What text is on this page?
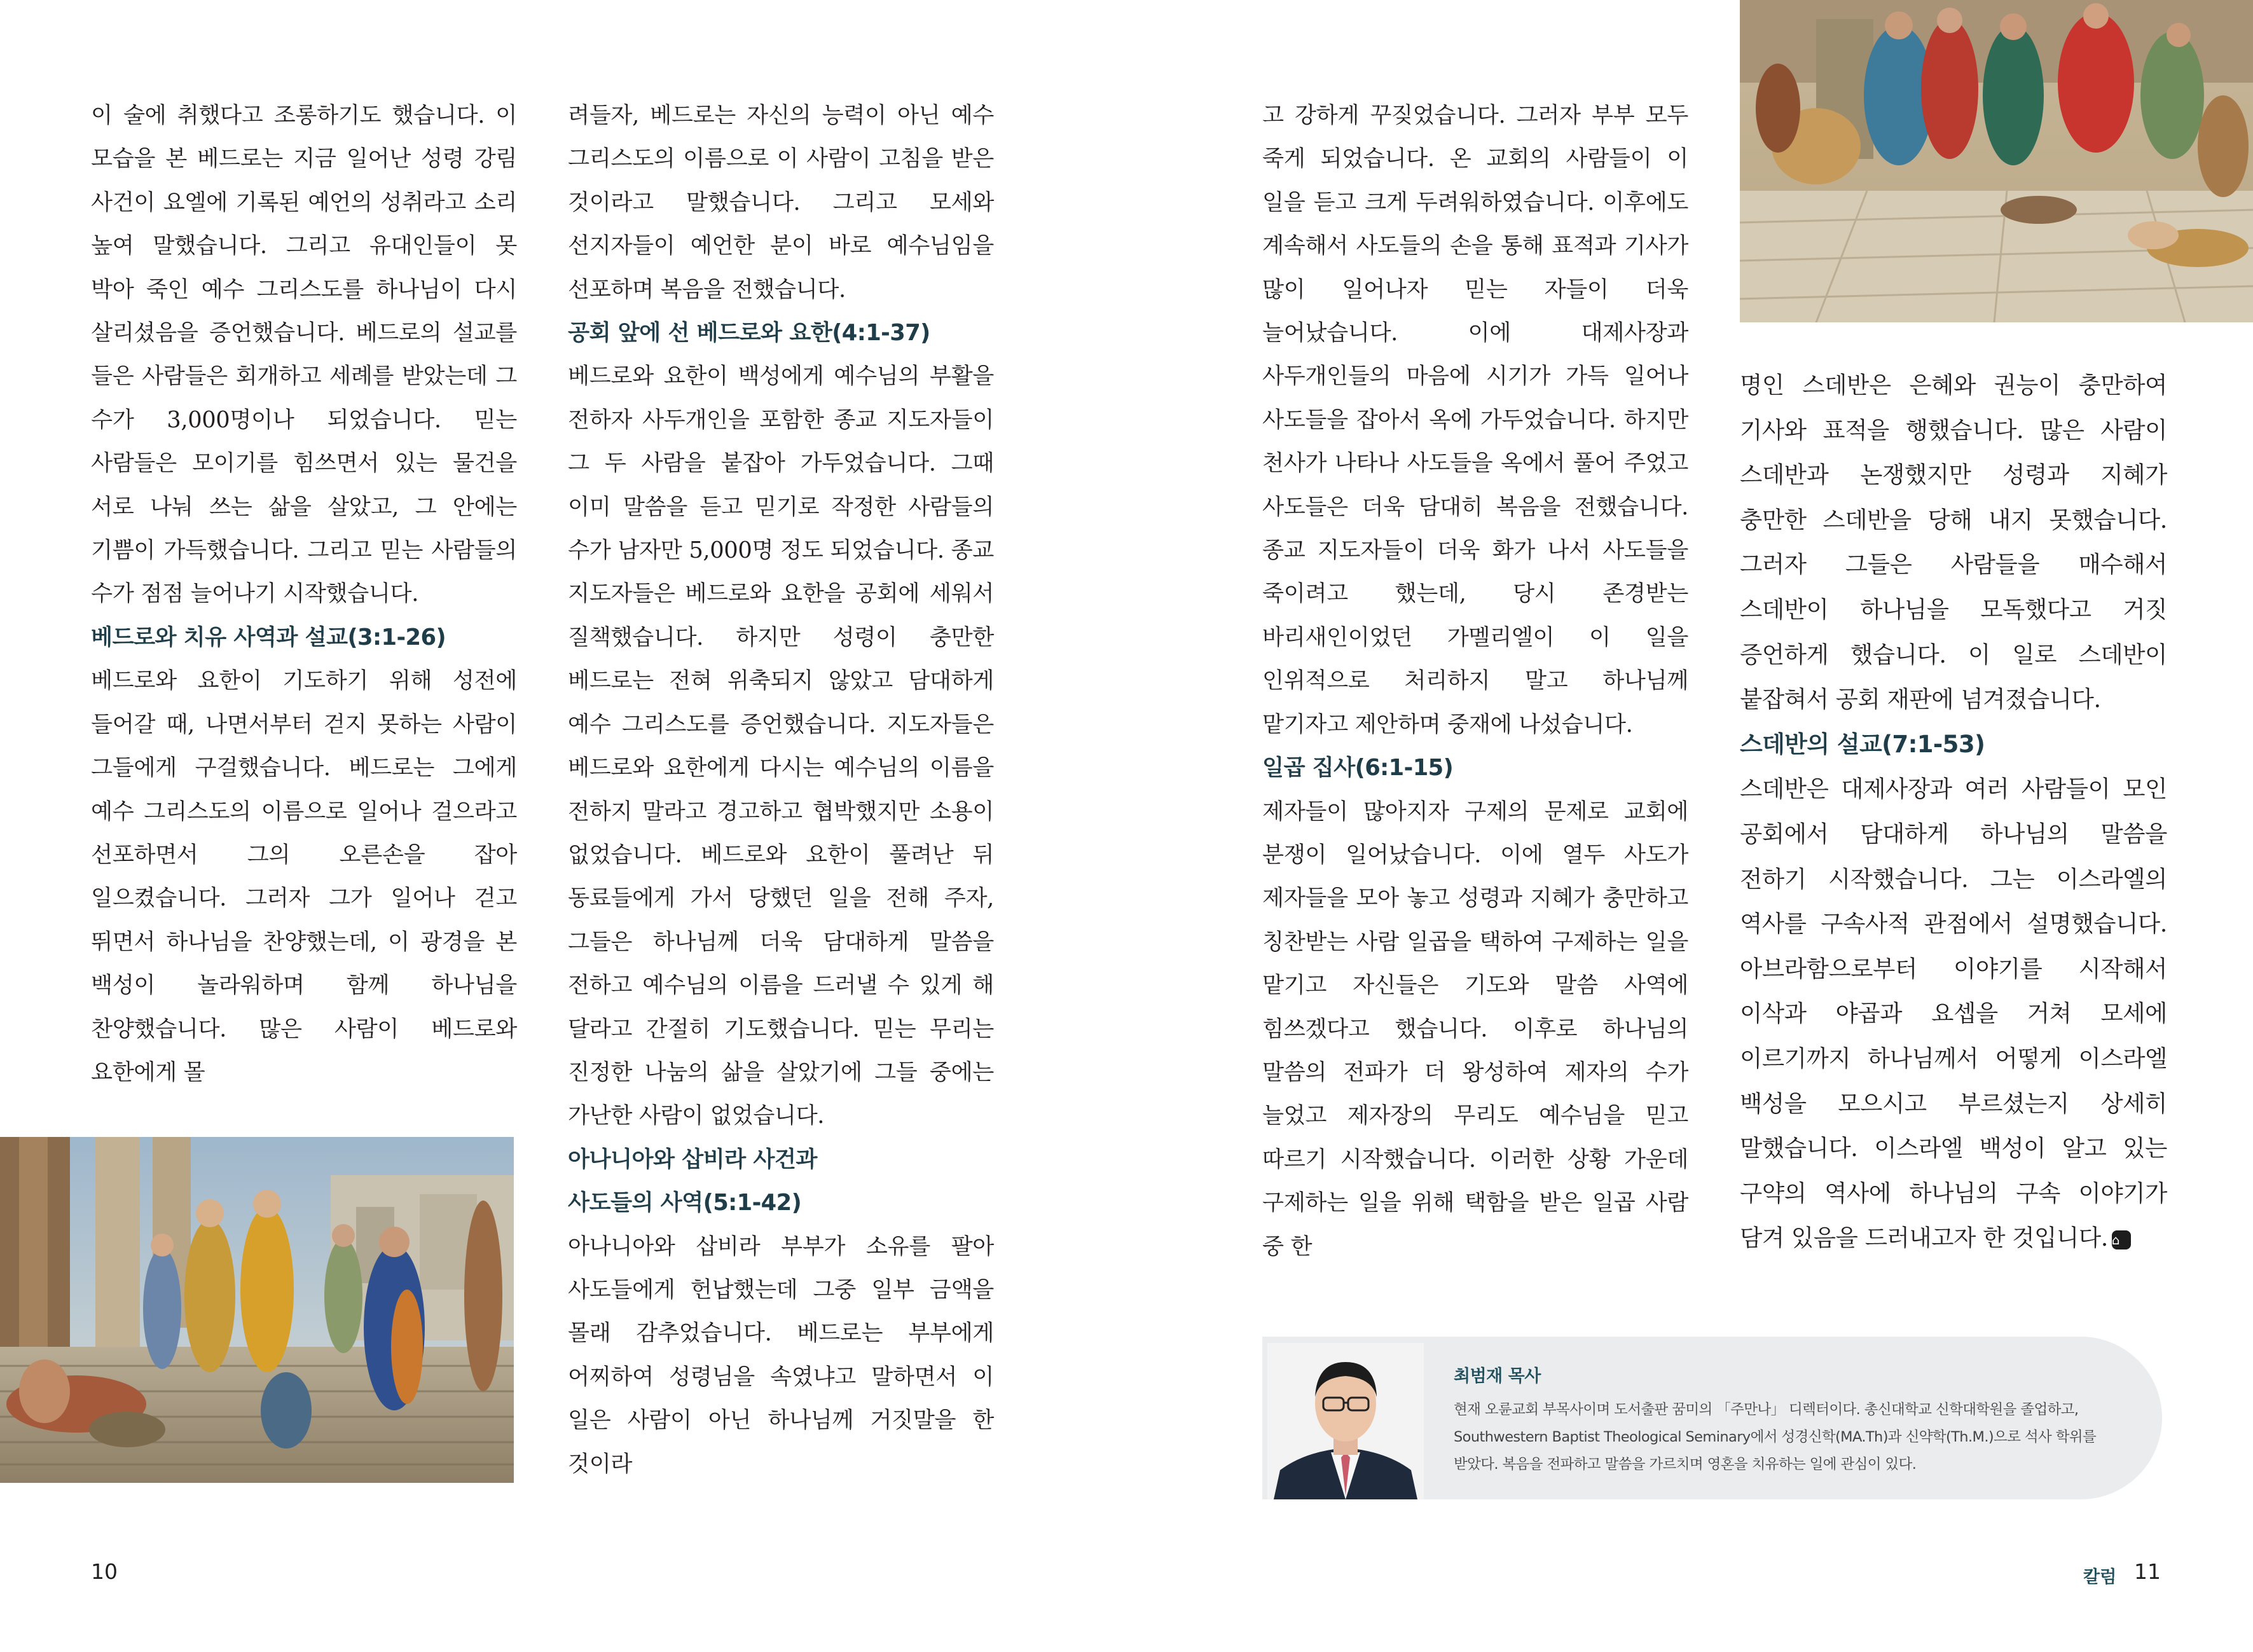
이 술에 취했다고 조롱하기도 했습니다. 이 모습을 본 베드로는 지금 일어난 성령 강림 사건이 요엘에 기록된 예언의 성취라고 소리 높여 말했습니다. 그리고 유대인들이 못 박아 죽인 예수 그리스도를 하나님이 다시 살리셨음을 증언했습니다. 베드로의 설교를 들은 사람들은 회개하고 세례를 받았는데 그 수가 3,000명이나 되었습니다. 믿는 사람들은 모이기를 힘쓰면서 있는 물건을 서로 나눠 쓰는 삶을 살았고, 그 안에는 기쁨이 가득했습니다. 그리고 믿는 사람들의 수가 점점 늘어나기 시작했습니다.

베드로와 치유 사역과 설교(3:1-26)

베드로와 요한이 기도하기 위해 성전에 들어갈 때, 나면서부터 걷지 못하는 사람이 그들에게 구걸했습니다. 베드로는 그에게 예수 그리스도의 이름으로 일어나 걸으라고 선포하면서 그의 오른손을 잡아 일으켰습니다. 그러자 그가 일어나 걷고 뛰면서 하나님을 찬양했는데, 이 광경을 본 백성이 놀라워하며 함께 하나님을 찬양했습니다. 많은 사람이 베드로와 요한에게 몰

려들자, 베드로는 자신의 능력이 아닌 예수 그리스도의 이름으로 이 사람이 고침을 받은 것이라고 말했습니다. 그리고 모세와 선지자들이 예언한 분이 바로 예수님임을 선포하며 복음을 전했습니다.

공회 앞에 선 베드로와 요한(4:1-37)

베드로와 요한이 백성에게 예수님의 부활을 전하자 사두개인을 포함한 종교 지도자들이 그 두 사람을 붙잡아 가두었습니다. 그때 이미 말씀을 듣고 믿기로 작정한 사람들의 수가 남자만 5,000명 정도 되었습니다. 종교 지도자들은 베드로와 요한을 공회에 세워서 질책했습니다. 하지만 성령이 충만한 베드로는 전혀 위축되지 않았고 담대하게 예수 그리스도를 증언했습니다. 지도자들은 베드로와 요한에게 다시는 예수님의 이름을 전하지 말라고 경고하고 협박했지만 소용이 없었습니다. 베드로와 요한이 풀려난 뒤 동료들에게 가서 당했던 일을 전해 주자, 그들은 하나님께 더욱 담대하게 말씀을 전하고 예수님의 이름을 드러낼 수 있게 해 달라고 간절히 기도했습니다. 믿는 무리는 진정한 나눔의 삶을 살았기에 그들 중에는 가난한 사람이 없었습니다.

아나니아와 삽비라 사건과
사도들의 사역(5:1-42)

아나니아와 삽비라 부부가 소유를 팔아 사도들에게 헌납했는데 그중 일부 금액을 몰래 감추었습니다. 베드로는 부부에게 어찌하여 성령님을 속였냐고 말하면서 이 일은 사람이 아닌 하나님께 거짓말을 한 것이라

고 강하게 꾸짖었습니다. 그러자 부부 모두 죽게 되었습니다. 온 교회의 사람들이 이 일을 듣고 크게 두려워하였습니다. 이후에도 계속해서 사도들의 손을 통해 표적과 기사가 많이 일어나자 믿는 자들이 더욱 늘어났습니다. 이에 대제사장과 사두개인들의 마음에 시기가 가득 일어나 사도들을 잡아서 옥에 가두었습니다. 하지만 천사가 나타나 사도들을 옥에서 풀어 주었고 사도들은 더욱 담대히 복음을 전했습니다. 종교 지도자들이 더욱 화가 나서 사도들을 죽이려고 했는데, 당시 존경받는 바리새인이었던 가멜리엘이 이 일을 인위적으로 처리하지 말고 하나님께 맡기자고 제안하며 중재에 나섰습니다.

일곱 집사(6:1-15)

제자들이 많아지자 구제의 문제로 교회에 분쟁이 일어났습니다. 이에 열두 사도가 제자들을 모아 놓고 성령과 지혜가 충만하고 칭찬받는 사람 일곱을 택하여 구제하는 일을 맡기고 자신들은 기도와 말씀 사역에 힘쓰겠다고 했습니다. 이후로 하나님의 말씀의 전파가 더 왕성하여 제자의 수가 늘었고 제자장의 무리도 예수님을 믿고 따르기 시작했습니다. 이러한 상황 가운데 구제하는 일을 위해 택함을 받은 일곱 사람 중 한

명인 스데반은 은혜와 권능이 충만하여 기사와 표적을 행했습니다. 많은 사람이 스데반과 논쟁했지만 성령과 지혜가 충만한 스데반을 당해 내지 못했습니다. 그러자 그들은 사람들을 매수해서 스데반이 하나님을 모독했다고 거짓 증언하게 했습니다. 이 일로 스데반이 붙잡혀서 공회 재판에 넘겨졌습니다.

스데반의 설교(7:1-53)

스데반은 대제사장과 여러 사람들이 모인 공회에서 담대하게 하나님의 말씀을 전하기 시작했습니다. 그는 이스라엘의 역사를 구속사적 관점에서 설명했습니다. 아브라함으로부터 이야기를 시작해서 이삭과 야곱과 요셉을 거쳐 모세에 이르기까지 하나님께서 어떻게 이스라엘 백성을 모으시고 부르셨는지 상세히 말했습니다. 이스라엘 백성이 알고 있는 구약의 역사에 하나님의 구속 이야기가 담겨 있음을 드러내고자 한 것입니다. ⌂

최범재 목사
현재 오륜교회 부목사이며 도서출판 꿈미의 「주만나」 디렉터이다. 총신대학교 신학대학원을 졸업하고, Southwestern Baptist Theological Seminary에서 성경신학(MA.Th)과 신약학(Th.M.)으로 석사 학위를 받았다. 복음을 전파하고 말씀을 가르치며 영혼을 치유하는 일에 관심이 있다.
10	칼럼 11
